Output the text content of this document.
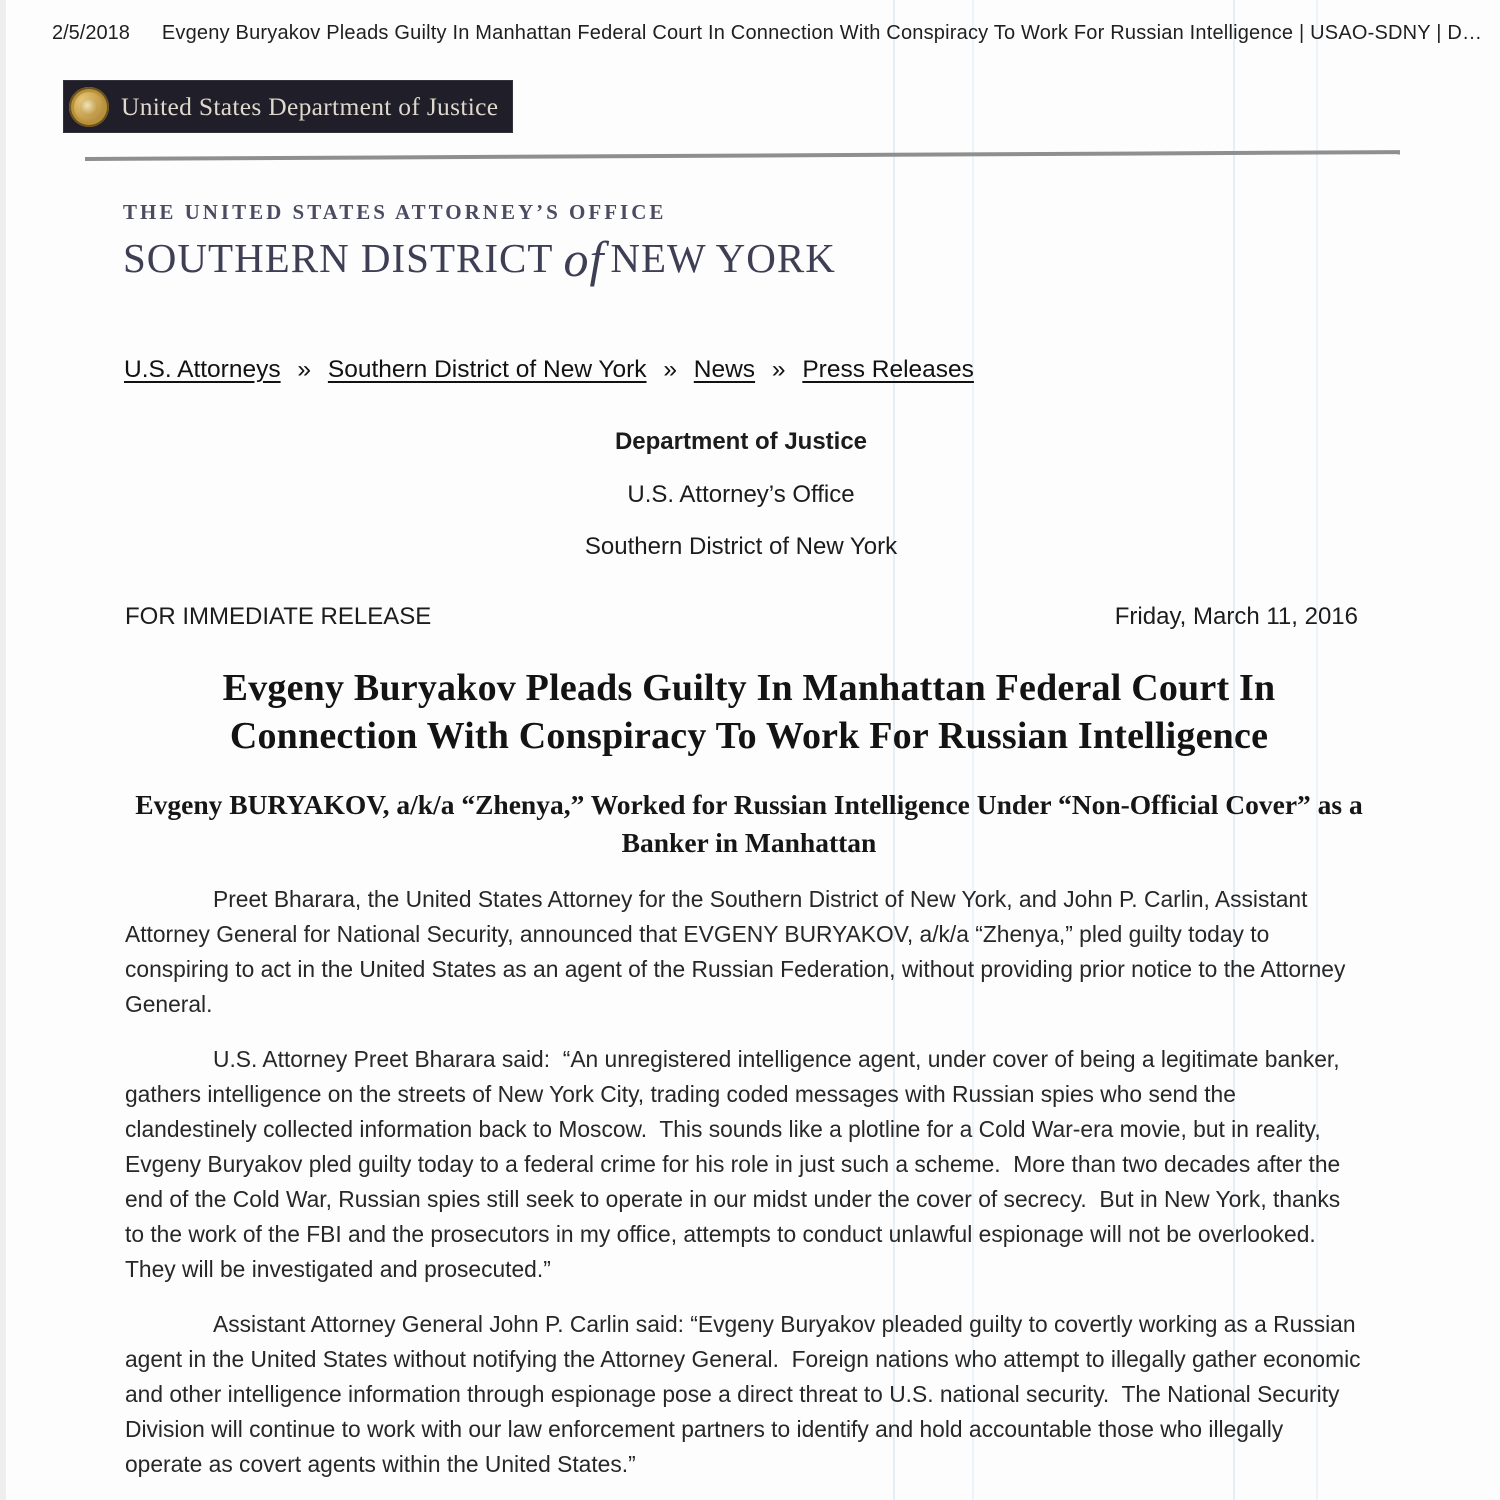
2/5/2018 Evgeny Buryakov Pleads Guilty In Manhattan Federal Court In Connection With Conspiracy To Work For Russian Intelligence | USAO-SDNY | D…
United States Department of Justice
THE UNITED STATES ATTORNEY’S OFFICE
SOUTHERN DISTRICT of NEW YORK
U.S. Attorneys » Southern District of New York » News » Press Releases
Department of Justice
U.S. Attorney’s Office
Southern District of New York
FOR IMMEDIATE RELEASE	Friday, March 11, 2016
Evgeny Buryakov Pleads Guilty In Manhattan Federal Court In Connection With Conspiracy To Work For Russian Intelligence
Evgeny BURYAKOV, a/k/a “Zhenya,” Worked for Russian Intelligence Under “Non-Official Cover” as a Banker in Manhattan

Preet Bharara, the United States Attorney for the Southern District of New York, and John P. Carlin, Assistant Attorney General for National Security, announced that EVGENY BURYAKOV, a/k/a “Zhenya,” pled guilty today to conspiring to act in the United States as an agent of the Russian Federation, without providing prior notice to the Attorney General.

U.S. Attorney Preet Bharara said:  “An unregistered intelligence agent, under cover of being a legitimate banker, gathers intelligence on the streets of New York City, trading coded messages with Russian spies who send the clandestinely collected information back to Moscow.  This sounds like a plotline for a Cold War-era movie, but in reality, Evgeny Buryakov pled guilty today to a federal crime for his role in just such a scheme.  More than two decades after the end of the Cold War, Russian spies still seek to operate in our midst under the cover of secrecy.  But in New York, thanks to the work of the FBI and the prosecutors in my office, attempts to conduct unlawful espionage will not be overlooked.  They will be investigated and prosecuted.”

Assistant Attorney General John P. Carlin said: “Evgeny Buryakov pleaded guilty to covertly working as a Russian agent in the United States without notifying the Attorney General.  Foreign nations who attempt to illegally gather economic and other intelligence information through espionage pose a direct threat to U.S. national security.  The National Security Division will continue to work with our law enforcement partners to identify and hold accountable those who illegally operate as covert agents within the United States.”
